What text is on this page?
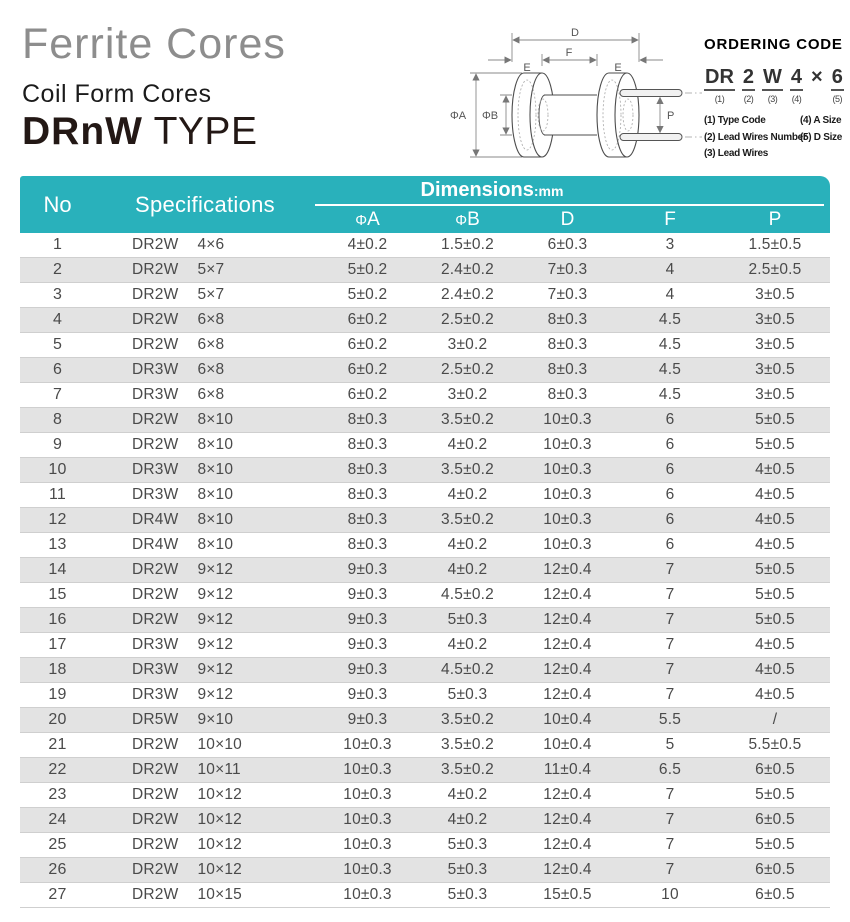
Ferrite Cores
Coil Form Cores
DRnW TYPE
D
E
F
E
ΦA ΦB	P
ORDERING CODE
DR
(1)
2
(2)
W
(3)
4
(4)
× 6
(5)
(1) Type Code
(2) Lead Wires Number
(3) Lead Wires
(4) A Size
(5) D Size
No	Specifications
Dimensions:mm
ΦA	ΦB	D	F	P
1	DR2W  4×6	4±0.2	1.5±0.2	6±0.3	3	1.5±0.5
2	DR2W  5×7	5±0.2	2.4±0.2	7±0.3	4	2.5±0.5
3	DR2W  5×7	5±0.2	2.4±0.2	7±0.3	4	3±0.5
4	DR2W  6×8	6±0.2	2.5±0.2	8±0.3	4.5	3±0.5
5	DR2W  6×8	6±0.2	3±0.2	8±0.3	4.5	3±0.5
6	DR3W  6×8	6±0.2	2.5±0.2	8±0.3	4.5	3±0.5
7	DR3W  6×8	6±0.2	3±0.2	8±0.3	4.5	3±0.5
8	DR2W  8×10	8±0.3	3.5±0.2	10±0.3	6	5±0.5
9	DR2W  8×10	8±0.3	4±0.2	10±0.3	6	5±0.5
10	DR3W  8×10	8±0.3	3.5±0.2	10±0.3	6	4±0.5
11	DR3W  8×10	8±0.3	4±0.2	10±0.3	6	4±0.5
12	DR4W  8×10	8±0.3	3.5±0.2	10±0.3	6	4±0.5
13	DR4W  8×10	8±0.3	4±0.2	10±0.3	6	4±0.5
14	DR2W  9×12	9±0.3	4±0.2	12±0.4	7	5±0.5
15	DR2W  9×12	9±0.3	4.5±0.2	12±0.4	7	5±0.5
16	DR2W  9×12	9±0.3	5±0.3	12±0.4	7	5±0.5
17	DR3W  9×12	9±0.3	4±0.2	12±0.4	7	4±0.5
18	DR3W  9×12	9±0.3	4.5±0.2	12±0.4	7	4±0.5
19	DR3W  9×12	9±0.3	5±0.3	12±0.4	7	4±0.5
20	DR5W  9×10	9±0.3	3.5±0.2	10±0.4	5.5	/
21	DR2W  10×10	10±0.3	3.5±0.2	10±0.4	5	5.5±0.5
22	DR2W  10×11	10±0.3	3.5±0.2	11±0.4	6.5	6±0.5
23	DR2W  10×12	10±0.3	4±0.2	12±0.4	7	5±0.5
24	DR2W  10×12	10±0.3	4±0.2	12±0.4	7	6±0.5
25	DR2W  10×12	10±0.3	5±0.3	12±0.4	7	5±0.5
26	DR2W  10×12	10±0.3	5±0.3	12±0.4	7	6±0.5
27	DR2W  10×15	10±0.3	5±0.3	15±0.5	10	6±0.5
